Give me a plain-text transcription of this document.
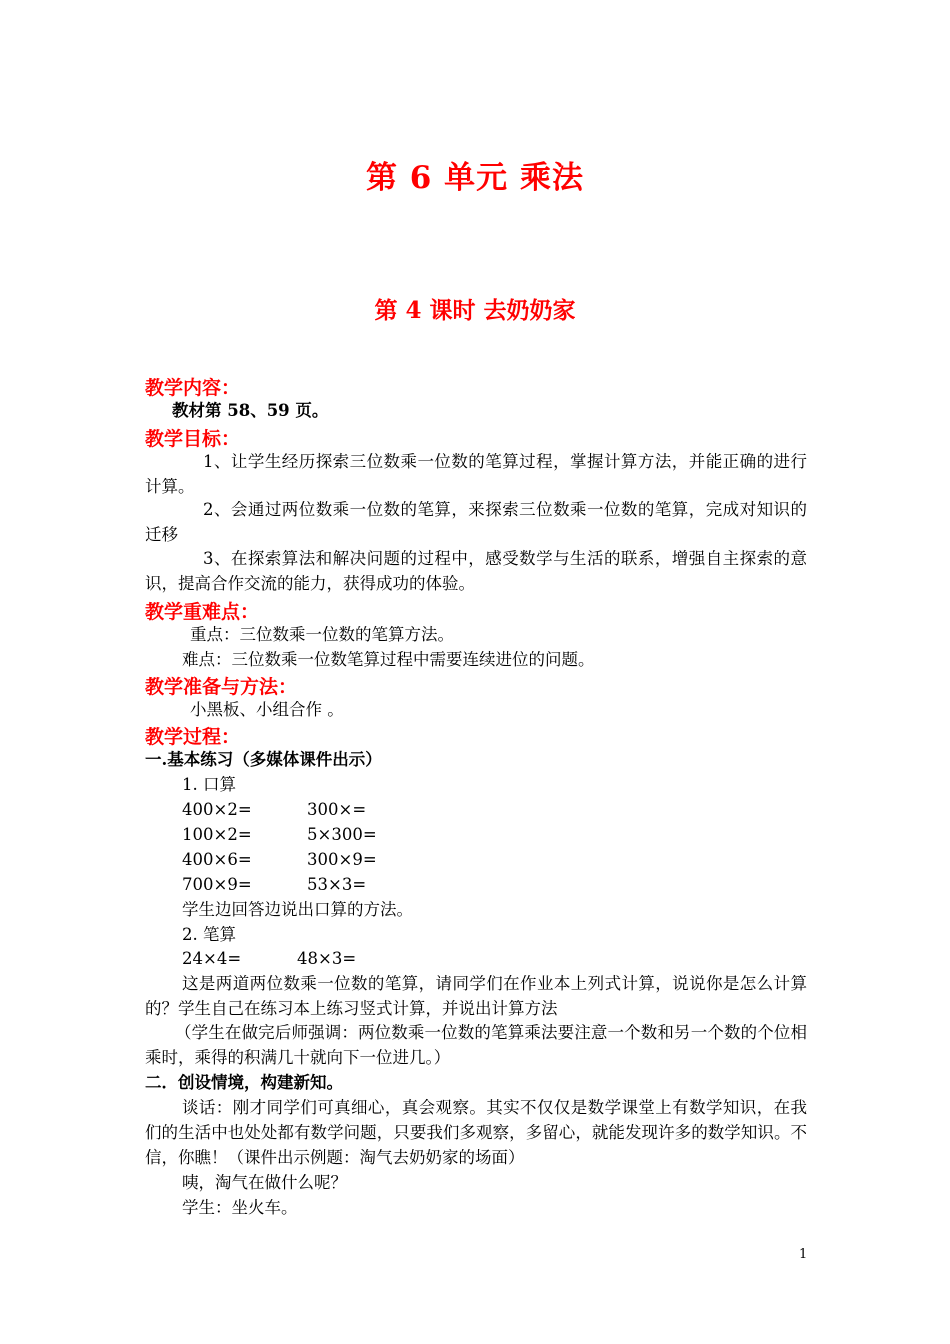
第 6 单元 乘法
第 4 课时 去奶奶家
教学内容：
教材第 58、59 页。
教学目标：
1、让学生经历探索三位数乘一位数的笔算过程，掌握计算方法，并能正确的进行计算。
2、会通过两位数乘一位数的笔算，来探索三位数乘一位数的笔算，完成对知识的迁移
3、在探索算法和解决问题的过程中，感受数学与生活的联系，增强自主探索的意识，提高合作交流的能力，获得成功的体验。
教学重难点：
重点：三位数乘一位数的笔算方法。
难点：三位数乘一位数笔算过程中需要连续进位的问题。
教学准备与方法：
小黑板、小组合作 。
教学过程：
一.基本练习（多媒体课件出示）
1. 口算
400×2=	300×=
100×2=	5×300=
400×6=	300×9=
700×9=	53×3=
学生边回答边说出口算的方法。
2. 笔算
24×4=	48×3=
这是两道两位数乘一位数的笔算，请同学们在作业本上列式计算，说说你是怎么计算的？学生自己在练习本上练习竖式计算，并说出计算方法
（学生在做完后师强调：两位数乘一位数的笔算乘法要注意一个数和另一个数的个位相乘时，乘得的积满几十就向下一位进几。）
二．创设情境，构建新知。
谈话：刚才同学们可真细心，真会观察。其实不仅仅是数学课堂上有数学知识，在我们的生活中也处处都有数学问题，只要我们多观察，多留心，就能发现许多的数学知识。不信，你瞧！（课件出示例题：淘气去奶奶家的场面）
咦，淘气在做什么呢？
学生：坐火车。
1
